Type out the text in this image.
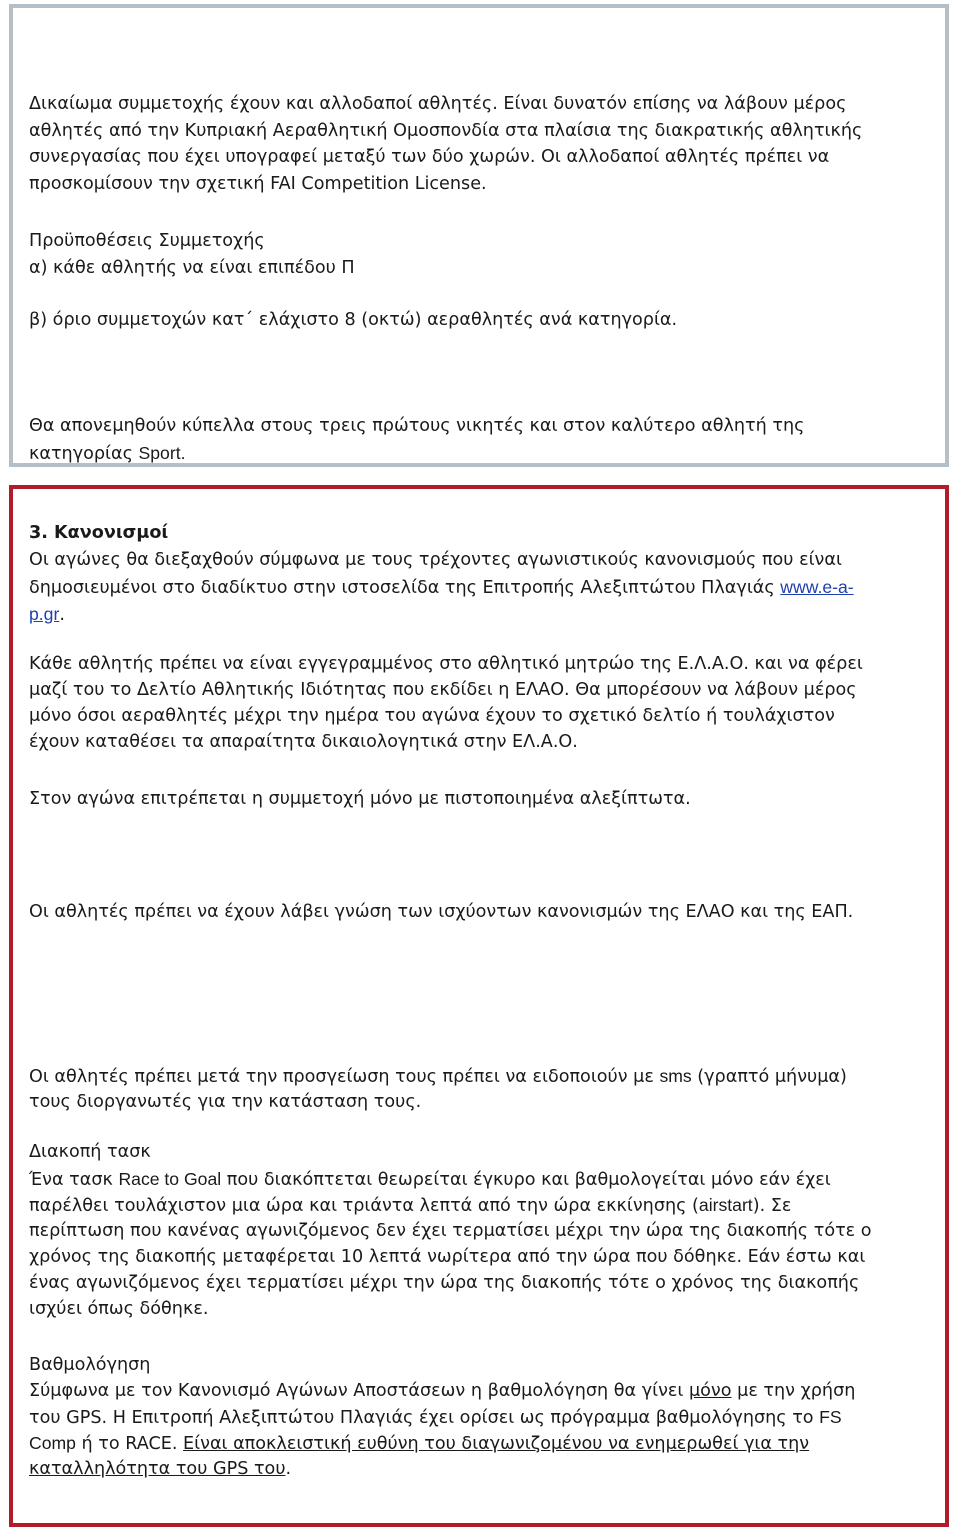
Δικαίωμα συμμετοχής έχουν και αλλοδαποί αθλητές. Είναι δυνατόν επίσης να λάβουν μέρος

αθλητές από την Κυπριακή Αεραθλητική Ομοσπονδία στα πλαίσια της διακρατικής αθλητικής

συνεργασίας που έχει υπογραφεί μεταξύ των δύο χωρών. Οι αλλοδαποί αθλητές πρέπει να

προσκομίσουν την σχετική FAI Competition License.

Προϋποθέσεις Συμμετοχής

α) κάθε αθλητής να είναι επιπέδου Π

β) όριο συμμετοχών κατ΄ ελάχιστο 8 (οκτώ) αεραθλητές ανά κατηγορία.

Θα απονεμηθούν κύπελλα στους τρεις πρώτους νικητές και στον καλύτερο αθλητή της

κατηγορίας Sport.

3. Κανονισμοί

Οι αγώνες θα διεξαχθούν σύμφωνα με τους τρέχοντες αγωνιστικούς κανονισμούς που είναι

δημοσιευμένοι στο διαδίκτυο στην ιστοσελίδα της Επιτροπής Αλεξιπτώτου Πλαγιάς www.e-a-

p.gr.

Κάθε αθλητής πρέπει να είναι εγγεγραμμένος στο αθλητικό μητρώο της Ε.Λ.Α.Ο. και να φέρει

μαζί του το Δελτίο Αθλητικής Ιδιότητας που εκδίδει η ΕΛΑΟ. Θα μπορέσουν να λάβουν μέρος

μόνο όσοι αεραθλητές μέχρι την ημέρα του αγώνα έχουν το σχετικό δελτίο ή τουλάχιστον

έχουν καταθέσει τα απαραίτητα δικαιολογητικά στην ΕΛ.Α.Ο.

Στον αγώνα επιτρέπεται η συμμετοχή μόνο με πιστοποιημένα αλεξίπτωτα.

Οι αθλητές πρέπει να έχουν λάβει γνώση των ισχύοντων κανονισμών της ΕΛΑΟ και της ΕΑΠ.

Οι αθλητές πρέπει μετά την προσγείωση τους πρέπει να ειδοποιούν με sms (γραπτό μήνυμα)

τους διοργανωτές για την κατάσταση τους.

Διακοπή τασκ

Ένα τασκ Race to Goal που διακόπτεται θεωρείται έγκυρο και βαθμολογείται μόνο εάν έχει

παρέλθει τουλάχιστον μια ώρα και τριάντα λεπτά από την ώρα εκκίνησης (airstart). Σε

περίπτωση που κανένας αγωνιζόμενος δεν έχει τερματίσει μέχρι την ώρα της διακοπής τότε ο

χρόνος της διακοπής μεταφέρεται 10 λεπτά νωρίτερα από την ώρα που δόθηκε. Εάν έστω και

ένας αγωνιζόμενος έχει τερματίσει μέχρι την ώρα της διακοπής τότε ο χρόνος της διακοπής

ισχύει όπως δόθηκε.

Βαθμολόγηση

Σύμφωνα με τον Κανονισμό Αγώνων Αποστάσεων η βαθμολόγηση θα γίνει μόνο με την χρήση

του GPS. Η Επιτροπή Αλεξιπτώτου Πλαγιάς έχει ορίσει ως πρόγραμμα βαθμολόγησης το FS

Comp ή το RACE. Είναι αποκλειστική ευθύνη του διαγωνιζομένου να ενημερωθεί για την

καταλληλότητα του GPS του.
